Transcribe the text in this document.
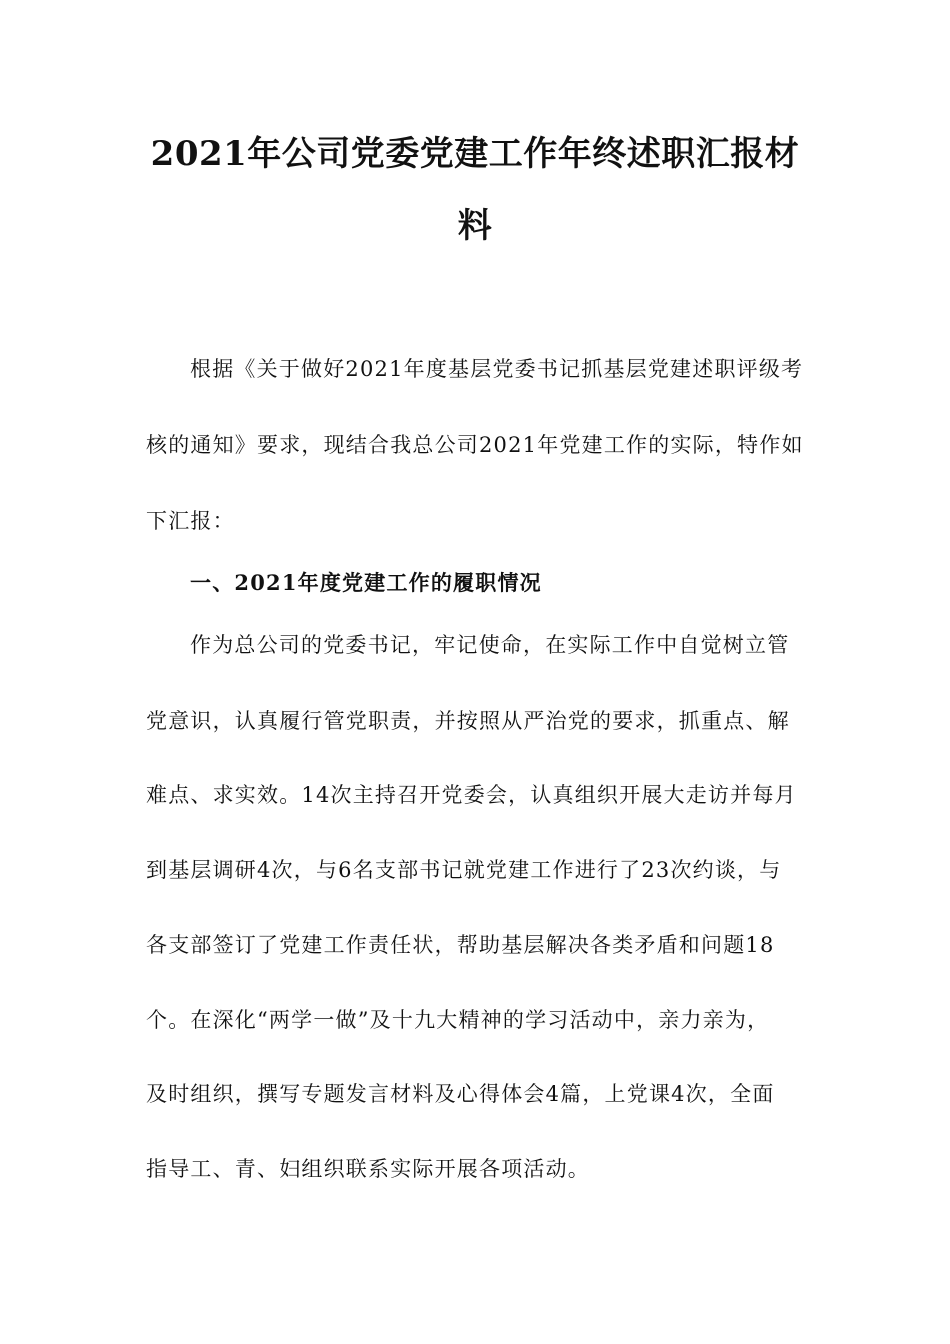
2021年公司党委党建工作年终述职汇报材
料
根据《关于做好2021年度基层党委书记抓基层党建述职评级考
核的通知》要求，现结合我总公司2021年党建工作的实际，特作如
下汇报：
一、2021年度党建工作的履职情况
作为总公司的党委书记，牢记使命，在实际工作中自觉树立管
党意识，认真履行管党职责，并按照从严治党的要求，抓重点、解
难点、求实效。14次主持召开党委会，认真组织开展大走访并每月
到基层调研4次，与6名支部书记就党建工作进行了23次约谈，与
各支部签订了党建工作责任状，帮助基层解决各类矛盾和问题18
个。在深化“两学一做”及十九大精神的学习活动中，亲力亲为，
及时组织，撰写专题发言材料及心得体会4篇，上党课4次，全面
指导工、青、妇组织联系实际开展各项活动。
